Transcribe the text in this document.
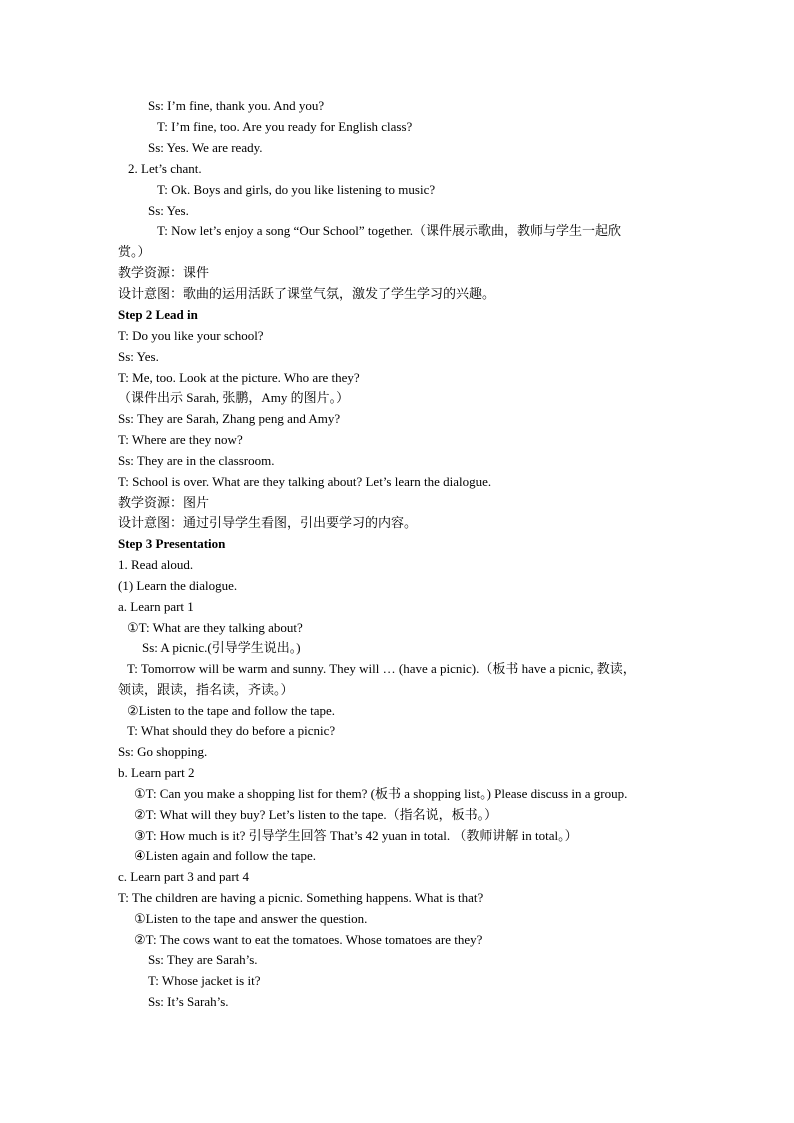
Ss: I’m fine, thank you. And you?
T: I’m fine, too. Are you ready for English class?
Ss: Yes. We are ready.
2. Let’s chant.
T: Ok. Boys and girls, do you like listening to music?
Ss: Yes.
T: Now let’s enjoy a song “Our School” together.（课件展示歌曲，教师与学生一起欣
赏。）
教学资源：课件
设计意图：歌曲的运用活跃了课堂气氛，激发了学生学习的兴趣。
Step 2 Lead in
T: Do you like your school?
Ss: Yes.
T: Me, too. Look at the picture. Who are they?
（课件出示 Sarah, 张鹏，Amy 的图片。）
Ss: They are Sarah, Zhang peng and Amy?
T: Where are they now?
Ss: They are in the classroom.
T: School is over. What are they talking about? Let’s learn the dialogue.
教学资源：图片
设计意图：通过引导学生看图，引出要学习的内容。
Step 3 Presentation
1. Read aloud.
(1) Learn the dialogue.
a. Learn part 1
①T: What are they talking about?
Ss: A picnic.(引导学生说出。)
T: Tomorrow will be warm and sunny. They will … (have a picnic).（板书 have a picnic, 教读，
领读，跟读，指名读，齐读。）
②Listen to the tape and follow the tape.
T: What should they do before a picnic?
Ss: Go shopping.
b. Learn part 2
①T: Can you make a shopping list for them? (板书 a shopping list。) Please discuss in a group.
②T: What will they buy? Let’s listen to the tape.（指名说，板书。）
③T: How much is it? 引导学生回答 That’s 42 yuan in total. （教师讲解 in total。）
④Listen again and follow the tape.
c. Learn part 3 and part 4
T: The children are having a picnic. Something happens. What is that?
①Listen to the tape and answer the question.
②T: The cows want to eat the tomatoes. Whose tomatoes are they?
Ss: They are Sarah’s.
T: Whose jacket is it?
Ss: It’s Sarah’s.
